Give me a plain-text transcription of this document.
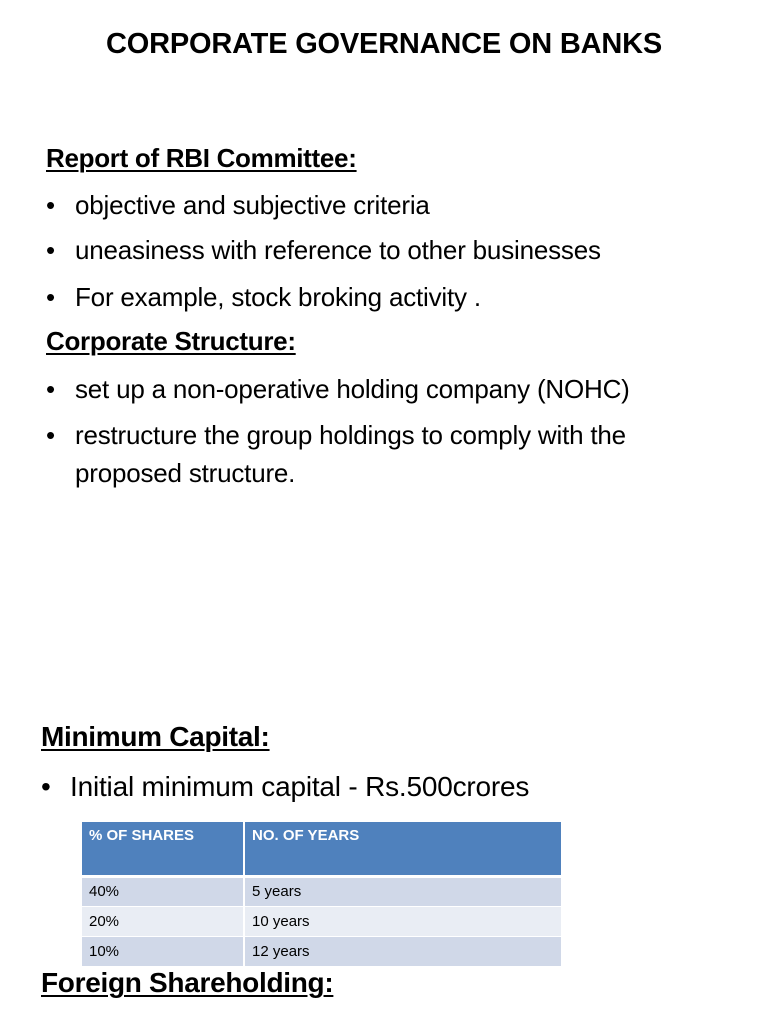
CORPORATE GOVERNANCE ON BANKS
Report of RBI Committee:
• objective and subjective criteria
• uneasiness with reference to other businesses
• For example, stock broking activity .
Corporate Structure:
• set up a non-operative holding company (NOHC)
• restructure the group holdings to comply with the proposed structure.
Minimum Capital:
• Initial minimum capital - Rs.500crores
% OF SHARES	NO. OF YEARS
40%	5 years
20%	10 years
10%	12 years
Foreign Shareholding:
